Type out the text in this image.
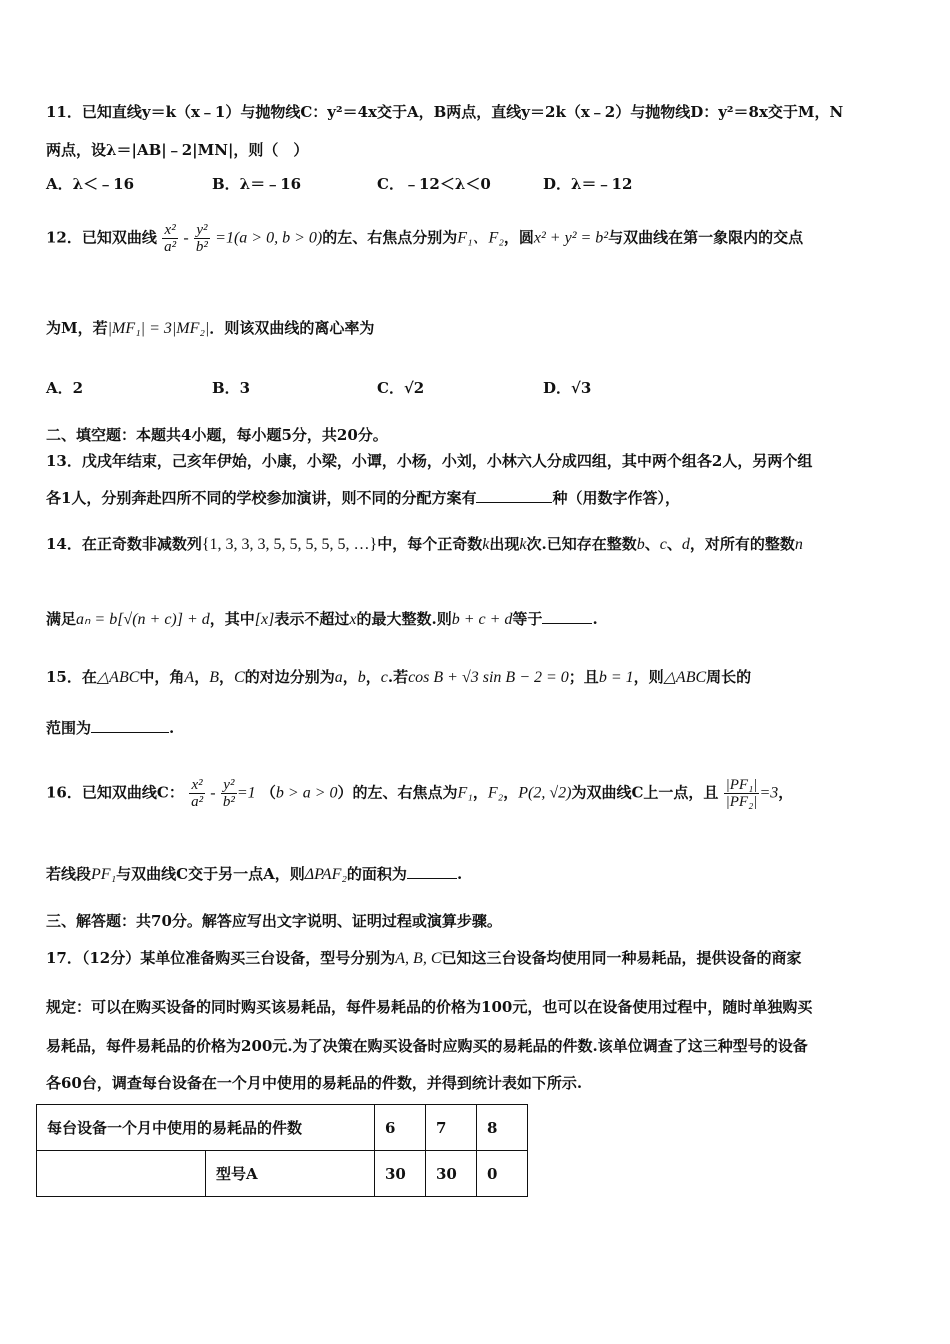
11．已知直线y＝k（x﹣1）与抛物线C：y²＝4x交于A，B两点，直线y＝2k（x﹣2）与抛物线D：y²＝8x交于M，N
两点，设λ＝|AB|﹣2|MN|，则（　）
A．λ＜﹣16	B．λ＝﹣16	C．﹣12＜λ＜0	D．λ＝﹣12
12．已知双曲线 $\frac{\text{x²}}{\text{a²}} - \frac{\text{y²}}{\text{b²}} =1(a > 0$, b > 0)的左、右焦点分别为F₁、F₂，圆x² + y² = b²与双曲线在第一象限内的交点
为M，若|MF₁| = 3|MF₂|．则该双曲线的离心率为
A．2	B．3	C．√2	D．√3
二、填空题：本题共4小题，每小题5分，共20分。
13．戊戌年结束，己亥年伊始，小康，小梁，小谭，小杨，小刘，小林六人分成四组，其中两个组各2人，另两个组
各1人，分别奔赴四所不同的学校参加演讲，则不同的分配方案有	种（用数字作答），
14．在正奇数非减数列{1, 3, 3, 3, 5, 5, 5, 5, 5, …}中，每个正奇数k出现k次.已知存在整数b、c、d，对所有的整数n
满足aₙ = b[√(n + c)] + d，其中[x]表示不超过x的最大整数.则b + c + d等于	.
15．在△ABC中，角A，B，C的对边分别为a，b，c.若cos B + √3 sin B − 2 = 0；且b = 1，则△ABC周长的
范围为	.
16．已知双曲线C： $\frac{\text{x²}}{\text{a²}} - \frac{\text{y²}}{\text{b²}} =1$ （b > a > 0）的左、右焦点为F₁，F₂，P(2, √2)为双曲线C上一点，且 $\frac{\text{|PF₁|}}{\text{|PF₂|}} =3$，
若线段PF₁与双曲线C交于另一点A，则ΔPAF₂的面积为	.
三、解答题：共70分。解答应写出文字说明、证明过程或演算步骤。
17．（12分）某单位准备购买三台设备，型号分别为A, B, C已知这三台设备均使用同一种易耗品，提供设备的商家
规定：可以在购买设备的同时购买该易耗品，每件易耗品的价格为100元，也可以在设备使用过程中，随时单独购买
易耗品，每件易耗品的价格为200元.为了决策在购买设备时应购买的易耗品的件数.该单位调查了这三种型号的设备
各60台，调查每台设备在一个月中使用的易耗品的件数，并得到统计表如下所示.
每台设备一个月中使用的易耗品的件数		6	7	8
	型号A	30	30	0
